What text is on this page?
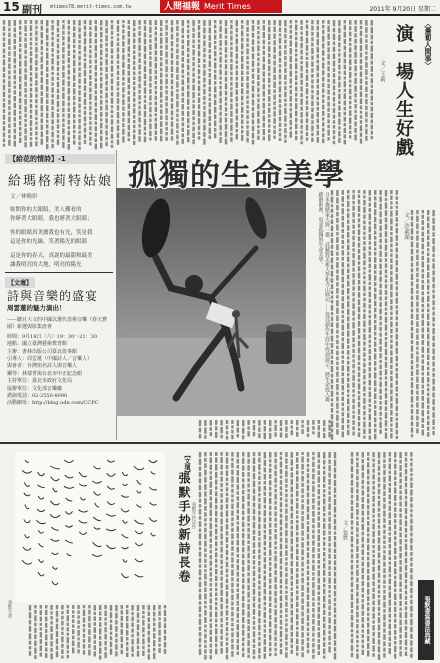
15 副刊 mtimes78.merit-times.com.tw	人間福報 Merit Times	2011年 9月20日 星期二
〈薝蔔人間事〉
演一場人生好戲
文／王莉
【給花的情詩】-1
給瑪格莉特姑娘
文／林煥彰

妳開你的大眼睛，美人難看的
你睜著大眼睛，我也睜著大眼睛；

你的眼睛真美麗我也有光，笑是我
這是你的光線，笑著陽光的眼睛

這是你的春天，真說的最甜和最美
讓我明亮的大地，明亮的陽光

【文壇】
詩與音樂的盛宴
周雲蓮的魅力演出！
——聽且大文的中國以選代表術音樂《春天費園》新選與影集唐會
時間：9月18日〈六〉19：30～21：30
地點：國立臺灣藝術教育館
主辦：書林出版公司臺北故事館
引導人：周雲蓮（中國詩人／音樂人）
與會者：台灣知名詩人與音樂人
鋼琴：林郁菁與台北市中正紀念館
主持單位：臺北市政府文化局
協辦單位：文化部音樂廳
諮詢電話：02-2550-8090
活動網址：http://blog.udn.com/CCPC
日本舞踏家大野一雄、武藏野美術大學和寺山修司……從其創作生涯中得到啟示，將生命投入舞踏藝術裡，追求孤獨的生命美學。
孤獨的生命美學
文／許素湖
【文壇】
張默手抄新詩長卷 張默手抄詩作
文／張默
張默書寫書法典藏
張默手書
